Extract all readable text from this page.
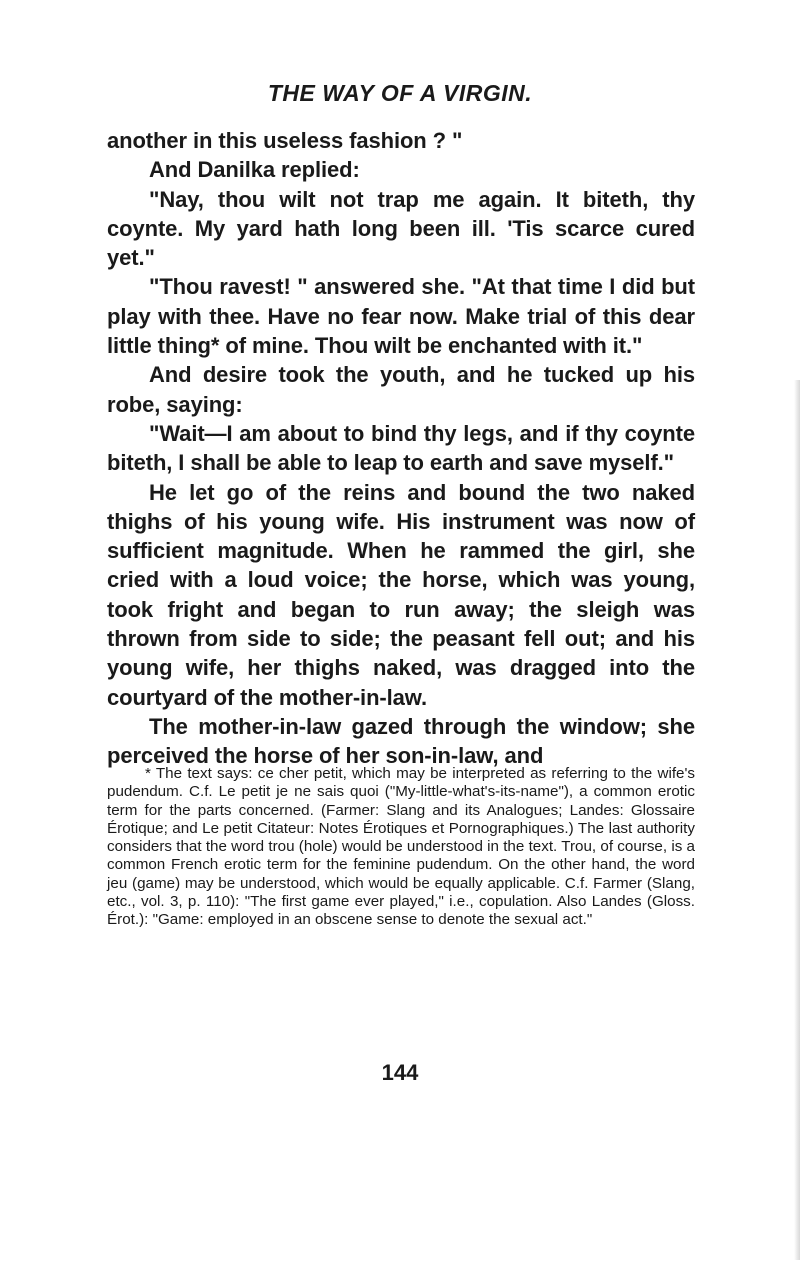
THE WAY OF A VIRGIN.

another in this useless fashion ? "

And Danilka replied:

"Nay, thou wilt not trap me again. It biteth, thy coynte. My yard hath long been ill. 'Tis scarce cured yet."

"Thou ravest! " answered she. "At that time I did but play with thee. Have no fear now. Make trial of this dear little thing* of mine. Thou wilt be enchanted with it."

And desire took the youth, and he tucked up his robe, saying:

"Wait—I am about to bind thy legs, and if thy coynte biteth, I shall be able to leap to earth and save myself."

He let go of the reins and bound the two naked thighs of his young wife. His instrument was now of sufficient magnitude. When he rammed the girl, she cried with a loud voice; the horse, which was young, took fright and began to run away; the sleigh was thrown from side to side; the peasant fell out; and his young wife, her thighs naked, was dragged into the courtyard of the mother-in-law.

The mother-in-law gazed through the window; she perceived the horse of her son-in-law, and

* The text says: ce cher petit, which may be interpreted as referring to the wife's pudendum. C.f. Le petit je ne sais quoi ("My-little-what's-its-name"), a common erotic term for the parts concerned. (Farmer: Slang and its Analogues; Landes: Glossaire Érotique; and Le petit Citateur: Notes Érotiques et Pornographiques.) The last authority considers that the word trou (hole) would be understood in the text. Trou, of course, is a common French erotic term for the feminine pudendum. On the other hand, the word jeu (game) may be understood, which would be equally applicable. C.f. Farmer (Slang, etc., vol. 3, p. 110): "The first game ever played," i.e., copulation. Also Landes (Gloss. Érot.): "Game: employed in an obscene sense to denote the sexual act."
144
